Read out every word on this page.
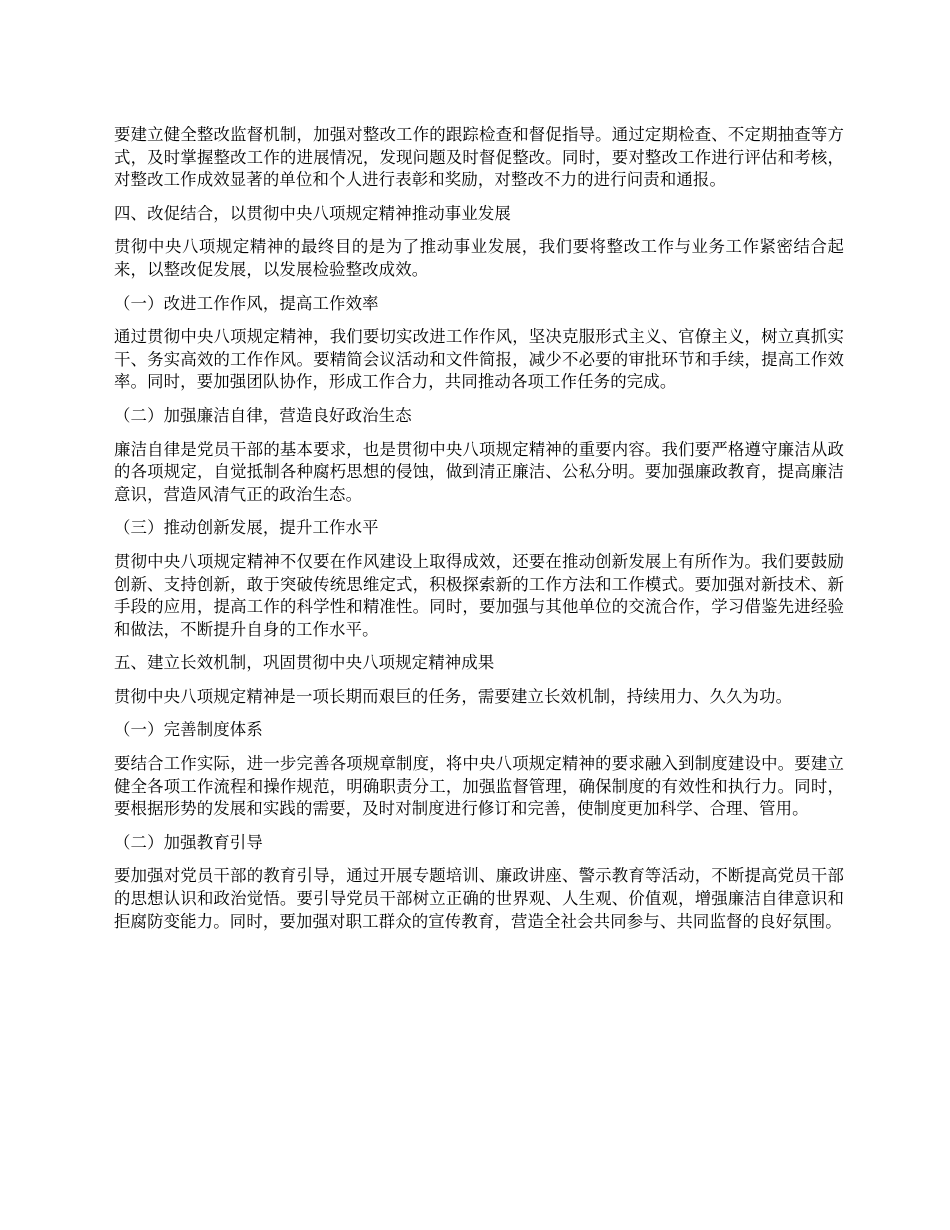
要建立健全整改监督机制，加强对整改工作的跟踪检查和督促指导。通过定期检查、不定期抽查等方式，及时掌握整改工作的进展情况，发现问题及时督促整改。同时，要对整改工作进行评估和考核，对整改工作成效显著的单位和个人进行表彰和奖励，对整改不力的进行问责和通报。

四、改促结合，以贯彻中央八项规定精神推动事业发展

贯彻中央八项规定精神的最终目的是为了推动事业发展，我们要将整改工作与业务工作紧密结合起来，以整改促发展，以发展检验整改成效。

（一）改进工作作风，提高工作效率

通过贯彻中央八项规定精神，我们要切实改进工作作风，坚决克服形式主义、官僚主义，树立真抓实干、务实高效的工作作风。要精简会议活动和文件简报，减少不必要的审批环节和手续，提高工作效率。同时，要加强团队协作，形成工作合力，共同推动各项工作任务的完成。

（二）加强廉洁自律，营造良好政治生态

廉洁自律是党员干部的基本要求，也是贯彻中央八项规定精神的重要内容。我们要严格遵守廉洁从政的各项规定，自觉抵制各种腐朽思想的侵蚀，做到清正廉洁、公私分明。要加强廉政教育，提高廉洁意识，营造风清气正的政治生态。

（三）推动创新发展，提升工作水平

贯彻中央八项规定精神不仅要在作风建设上取得成效，还要在推动创新发展上有所作为。我们要鼓励创新、支持创新，敢于突破传统思维定式，积极探索新的工作方法和工作模式。要加强对新技术、新手段的应用，提高工作的科学性和精准性。同时，要加强与其他单位的交流合作，学习借鉴先进经验和做法，不断提升自身的工作水平。

五、建立长效机制，巩固贯彻中央八项规定精神成果

贯彻中央八项规定精神是一项长期而艰巨的任务，需要建立长效机制，持续用力、久久为功。

（一）完善制度体系

要结合工作实际，进一步完善各项规章制度，将中央八项规定精神的要求融入到制度建设中。要建立健全各项工作流程和操作规范，明确职责分工，加强监督管理，确保制度的有效性和执行力。同时，要根据形势的发展和实践的需要，及时对制度进行修订和完善，使制度更加科学、合理、管用。

（二）加强教育引导

要加强对党员干部的教育引导，通过开展专题培训、廉政讲座、警示教育等活动，不断提高党员干部的思想认识和政治觉悟。要引导党员干部树立正确的世界观、人生观、价值观，增强廉洁自律意识和拒腐防变能力。同时，要加强对职工群众的宣传教育，营造全社会共同参与、共同监督的良好氛围。
